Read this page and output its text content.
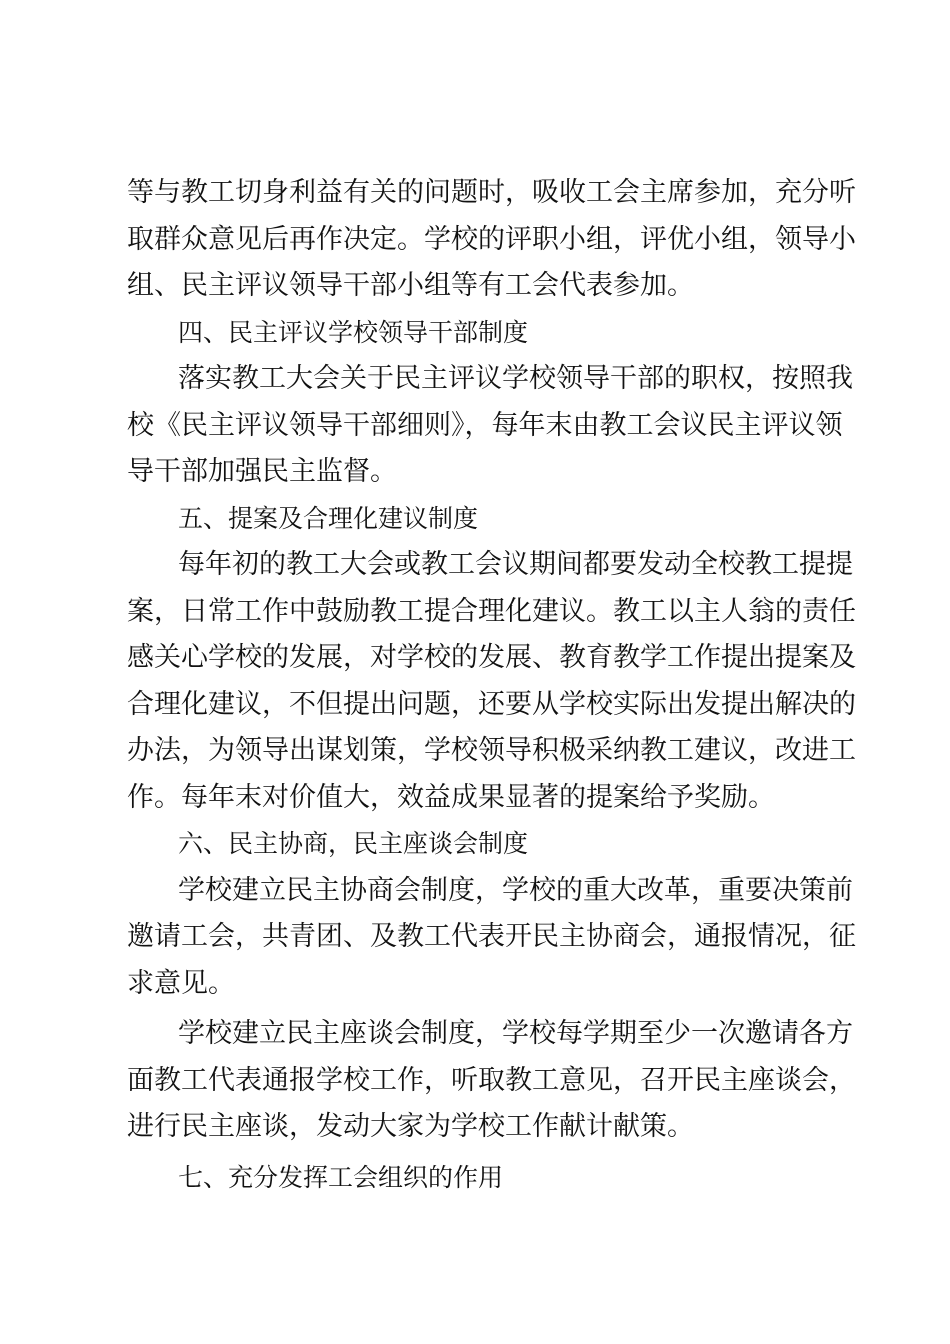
等与教工切身利益有关的问题时，吸收工会主席参加，充分听
取群众意见后再作决定。学校的评职小组，评优小组，领导小
组、民主评议领导干部小组等有工会代表参加。
四、民主评议学校领导干部制度
落实教工大会关于民主评议学校领导干部的职权，按照我
校《民主评议领导干部细则》，每年末由教工会议民主评议领
导干部加强民主监督。
五、提案及合理化建议制度
每年初的教工大会或教工会议期间都要发动全校教工提提
案，日常工作中鼓励教工提合理化建议。教工以主人翁的责任
感关心学校的发展，对学校的发展、教育教学工作提出提案及
合理化建议，不但提出问题，还要从学校实际出发提出解决的
办法，为领导出谋划策，学校领导积极采纳教工建议，改进工
作。每年末对价值大，效益成果显著的提案给予奖励。
六、民主协商，民主座谈会制度
学校建立民主协商会制度，学校的重大改革，重要决策前
邀请工会，共青团、及教工代表开民主协商会，通报情况，征
求意见。
学校建立民主座谈会制度，学校每学期至少一次邀请各方
面教工代表通报学校工作，听取教工意见，召开民主座谈会，
进行民主座谈，发动大家为学校工作献计献策。
七、充分发挥工会组织的作用
